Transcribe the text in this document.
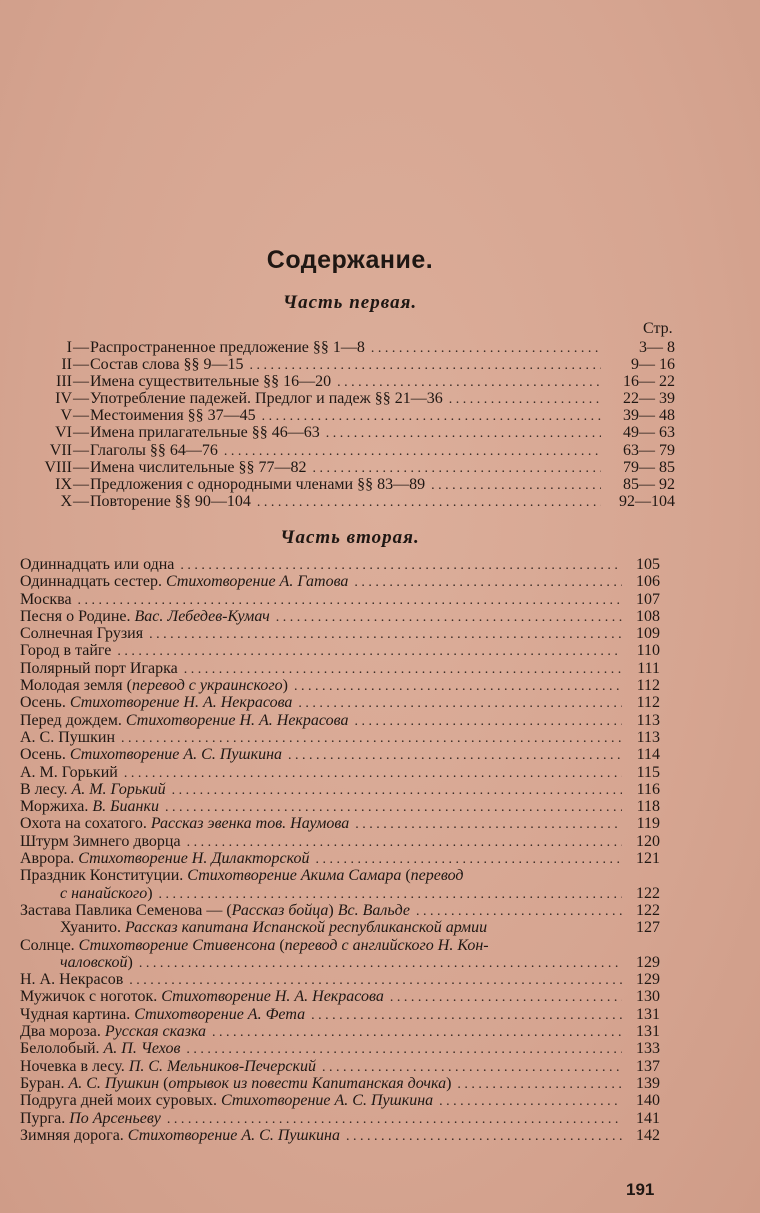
Содержание.
Часть первая.
Стр.
I — Распространенное предложение §§ 1—8 . . .	3— 8
II — Состав слова §§ 9—15 . . .	9— 16
III — Имена существительные §§ 16—20 . . .	16— 22
IV — Употребление падежей. Предлог и падеж §§ 21—36 . . .	22— 39
V — Местоимения §§ 37—45 . . .	39— 48
VI — Имена прилагательные §§ 46—63 . . .	49— 63
VII — Глаголы §§ 64—76 . . .	63— 79
VIII — Имена числительные §§ 77—82 . . .	79— 85
IX — Предложения с однородными членами §§ 83—89 . . .	85— 92
X — Повторение §§ 90—104 . . .	92—104
Часть вторая.
Одиннадцать или одна . . .	105
Одиннадцать сестер. Стихотворение А. Гатова . . .	106
Москва . . .	107
Песня о Родине. Вас. Лебедев-Кумач . . .	108
Солнечная Грузия . . .	109
Город в тайге . . .	110
Полярный порт Игарка . . .	111
Молодая земля (перевод с украинского) . . .	112
Осень. Стихотворение Н. А. Некрасова . . .	112
Перед дождем. Стихотворение Н. А. Некрасова . . .	113
А. С. Пушкин . . .	113
Осень. Стихотворение А. С. Пушкина . . .	114
А. М. Горький . . .	115
В лесу. А. М. Горький . . .	116
Моржиха. В. Бианки . . .	118
Охота на сохатого. Рассказ эвенка тов. Наумова . . .	119
Штурм Зимнего дворца . . .	120
Аврора. Стихотворение Н. Дилакторской . . .	121
Праздник Конституции. Стихотворение Акима Самара (перевод
с нанайского) . . .	122
Застава Павлика Семенова — (Рассказ бойца) Вс. Вальде . . .	122
Хуанито. Рассказ капитана Испанской республиканской армии	127
Солнце. Стихотворение Стивенсона (перевод с английского Н. Кон-
чаловской) . . .	129
Н. А. Некрасов . . .	129
Мужичок с ноготок. Стихотворение Н. А. Некрасова . . .	130
Чудная картина. Стихотворение А. Фета . . .	131
Два мороза. Русская сказка . . .	131
Белолобый. А. П. Чехов . . .	133
Ночевка в лесу. П. С. Мельников-Печерский . . .	137
Буран. А. С. Пушкин (отрывок из повести Капитанская дочка) . . .	139
Подруга дней моих суровых. Стихотворение А. С. Пушкина . . .	140
Пурга. По Арсеньеву . . .	141
Зимняя дорога. Стихотворение А. С. Пушкина . . .	142
191
